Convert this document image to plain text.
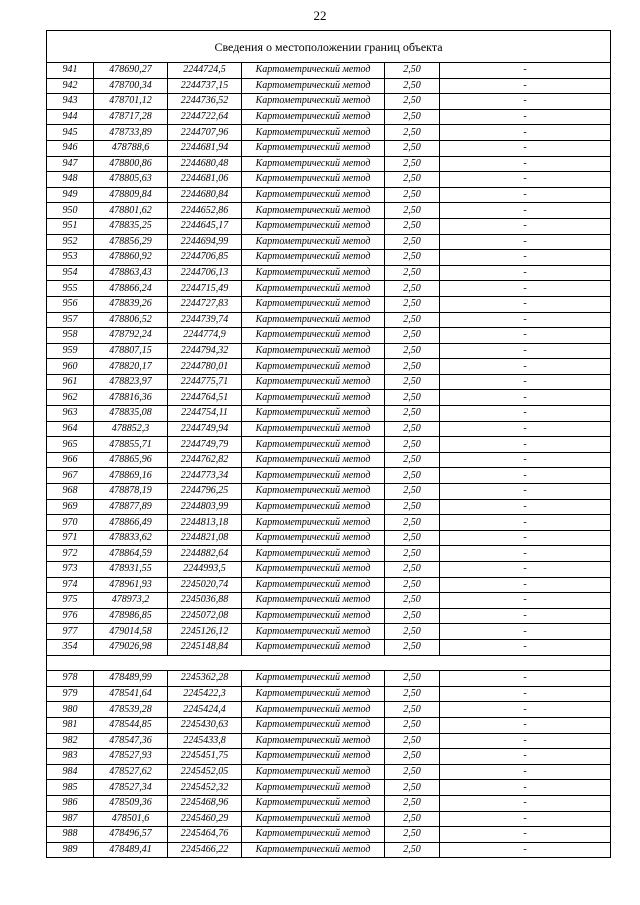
22
Сведения о местоположении границ объекта					
941	478690,27	2244724,5	Картометрический метод	2,50	-
942	478700,34	2244737,15	Картометрический метод	2,50	-
943	478701,12	2244736,52	Картометрический метод	2,50	-
944	478717,28	2244722,64	Картометрический метод	2,50	-
945	478733,89	2244707,96	Картометрический метод	2,50	-
946	478788,6	2244681,94	Картометрический метод	2,50	-
947	478800,86	2244680,48	Картометрический метод	2,50	-
948	478805,63	2244681,06	Картометрический метод	2,50	-
949	478809,84	2244680,84	Картометрический метод	2,50	-
950	478801,62	2244652,86	Картометрический метод	2,50	-
951	478835,25	2244645,17	Картометрический метод	2,50	-
952	478856,29	2244694,99	Картометрический метод	2,50	-
953	478860,92	2244706,85	Картометрический метод	2,50	-
954	478863,43	2244706,13	Картометрический метод	2,50	-
955	478866,24	2244715,49	Картометрический метод	2,50	-
956	478839,26	2244727,83	Картометрический метод	2,50	-
957	478806,52	2244739,74	Картометрический метод	2,50	-
958	478792,24	2244774,9	Картометрический метод	2,50	-
959	478807,15	2244794,32	Картометрический метод	2,50	-
960	478820,17	2244780,01	Картометрический метод	2,50	-
961	478823,97	2244775,71	Картометрический метод	2,50	-
962	478816,36	2244764,51	Картометрический метод	2,50	-
963	478835,08	2244754,11	Картометрический метод	2,50	-
964	478852,3	2244749,94	Картометрический метод	2,50	-
965	478855,71	2244749,79	Картометрический метод	2,50	-
966	478865,96	2244762,82	Картометрический метод	2,50	-
967	478869,16	2244773,34	Картометрический метод	2,50	-
968	478878,19	2244796,25	Картометрический метод	2,50	-
969	478877,89	2244803,99	Картометрический метод	2,50	-
970	478866,49	2244813,18	Картометрический метод	2,50	-
971	478833,62	2244821,08	Картометрический метод	2,50	-
972	478864,59	2244882,64	Картометрический метод	2,50	-
973	478931,55	2244993,5	Картометрический метод	2,50	-
974	478961,93	2245020,74	Картометрический метод	2,50	-
975	478973,2	2245036,88	Картометрический метод	2,50	-
976	478986,85	2245072,08	Картометрический метод	2,50	-
977	479014,58	2245126,12	Картометрический метод	2,50	-
354	479026,98	2245148,84	Картометрический метод	2,50	-

978	478489,99	2245362,28	Картометрический метод	2,50	-
979	478541,64	2245422,3	Картометрический метод	2,50	-
980	478539,28	2245424,4	Картометрический метод	2,50	-
981	478544,85	2245430,63	Картометрический метод	2,50	-
982	478547,36	2245433,8	Картометрический метод	2,50	-
983	478527,93	2245451,75	Картометрический метод	2,50	-
984	478527,62	2245452,05	Картометрический метод	2,50	-
985	478527,34	2245452,32	Картометрический метод	2,50	-
986	478509,36	2245468,96	Картометрический метод	2,50	-
987	478501,6	2245460,29	Картометрический метод	2,50	-
988	478496,57	2245464,76	Картометрический метод	2,50	-
989	478489,41	2245466,22	Картометрический метод	2,50	-
